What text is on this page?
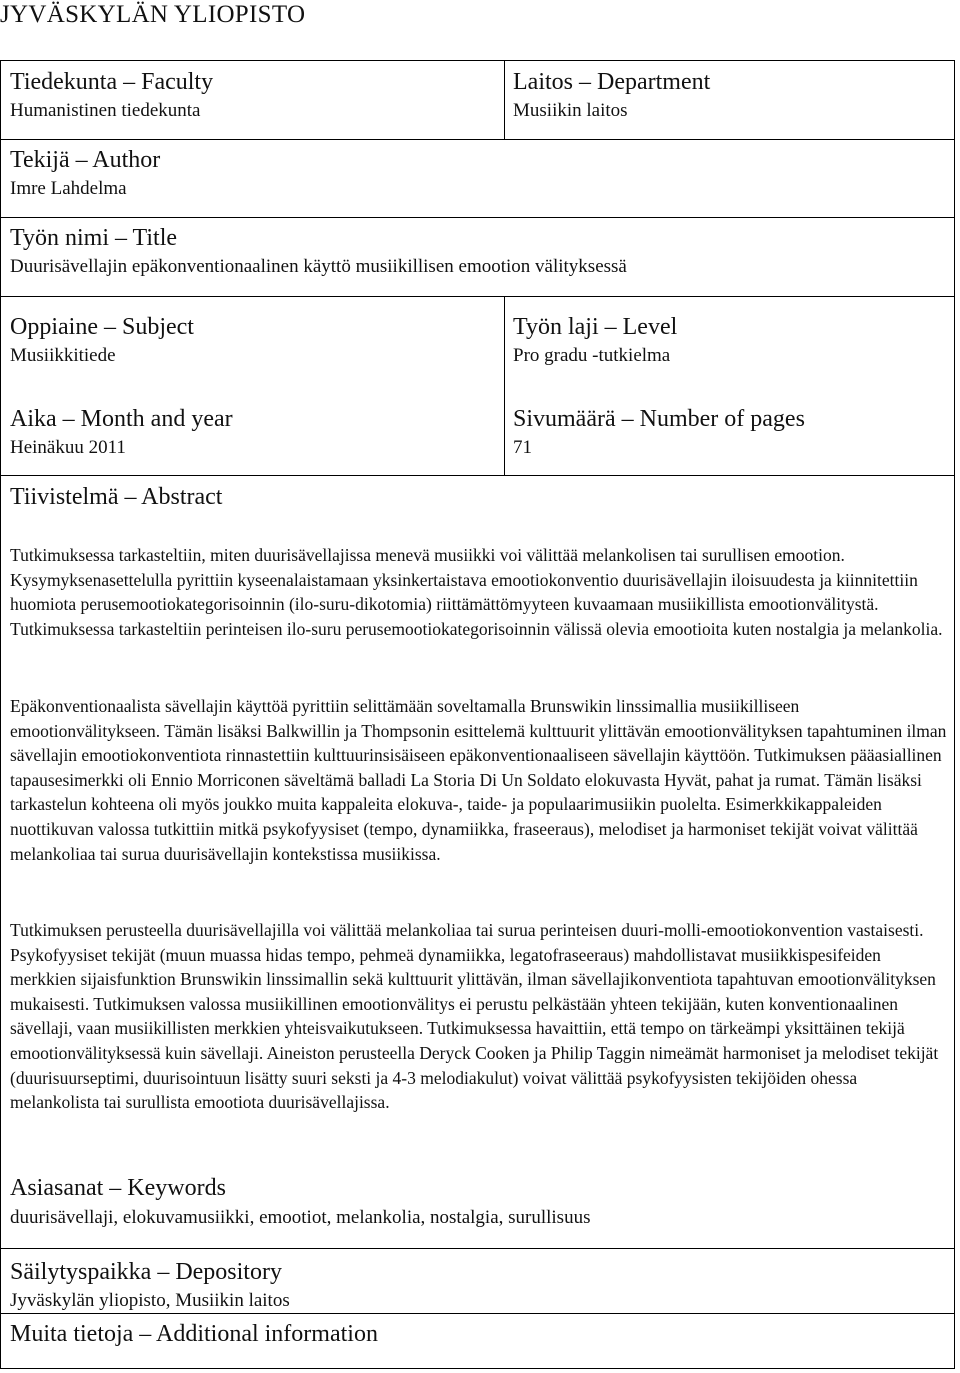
JYVÄSKYLÄN YLIOPISTO
Tiedekunta – Faculty
Humanistinen tiedekunta
Laitos – Department
Musiikin laitos
Tekijä – Author
Imre Lahdelma
Työn nimi – Title
Duurisävellajin epäkonventionaalinen käyttö musiikillisen emootion välityksessä
Oppiaine – Subject
Musiikkitiede
Työn laji – Level
Pro gradu -tutkielma
Aika – Month and year
Heinäkuu 2011
Sivumäärä – Number of pages
71
Tiivistelmä – Abstract

Tutkimuksessa tarkasteltiin, miten duurisävellajissa menevä musiikki voi välittää melankolisen tai surullisen emootion. Kysymyksenasettelulla pyrittiin kyseenalaistamaan yksinkertaistava emootiokonventio duurisävellajin iloisuudesta ja kiinnitettiin huomiota perusemootiokategorisoinnin (ilo-suru-dikotomia) riittämättömyyteen kuvaamaan musiikillista emootionvälitystä. Tutkimuksessa tarkasteltiin perinteisen ilo-suru perusemootiokategorisoinnin välissä olevia emootioita kuten nostalgia ja melankolia.

Epäkonventionaalista sävellajin käyttöä pyrittiin selittämään soveltamalla Brunswikin linssimallia musiikilliseen emootionvälitykseen. Tämän lisäksi Balkwillin ja Thompsonin esittelemä kulttuurit ylittävän emootionvälityksen tapahtuminen ilman sävellajin emootiokonventiota rinnastettiin kulttuurinsisäiseen epäkonventionaaliseen sävellajin käyttöön. Tutkimuksen pääasiallinen tapausesimerkki oli Ennio Morriconen säveltämä balladi La Storia Di Un Soldato elokuvasta Hyvät, pahat ja rumat. Tämän lisäksi tarkastelun kohteena oli myös joukko muita kappaleita elokuva-, taide- ja populaarimusiikin puolelta. Esimerkkikappaleiden nuottikuvan valossa tutkittiin mitkä psykofyysiset (tempo, dynamiikka, fraseeraus), melodiset ja harmoniset tekijät voivat välittää melankoliaa tai surua duurisävellajin kontekstissa musiikissa.

Tutkimuksen perusteella duurisävellajilla voi välittää melankoliaa tai surua perinteisen duuri-molli-emootiokonvention vastaisesti. Psykofyysiset tekijät (muun muassa hidas tempo, pehmeä dynamiikka, legatofraseeraus) mahdollistavat musiikkispesifeiden merkkien sijaisfunktion Brunswikin linssimallin sekä kulttuurit ylittävän, ilman sävellajikonventiota tapahtuvan emootionvälityksen mukaisesti. Tutkimuksen valossa musiikillinen emootionvälitys ei perustu pelkästään yhteen tekijään, kuten konventionaalinen sävellaji, vaan musiikillisten merkkien yhteisvaikutukseen. Tutkimuksessa havaittiin, että tempo on tärkeämpi yksittäinen tekijä emootionvälityksessä kuin sävellaji. Aineiston perusteella Deryck Cooken ja Philip Taggin nimeämät harmoniset ja melodiset tekijät (duurisuurseptimi, duurisointuun lisätty suuri seksti ja 4-3 melodiakulut) voivat välittää psykofyysisten tekijöiden ohessa melankolista tai surullista emootiota duurisävellajissa.

Asiasanat – Keywords
duurisävellaji, elokuvamusiikki, emootiot, melankolia, nostalgia, surullisuus
Säilytyspaikka – Depository
Jyväskylän yliopisto, Musiikin laitos
Muita tietoja – Additional information
